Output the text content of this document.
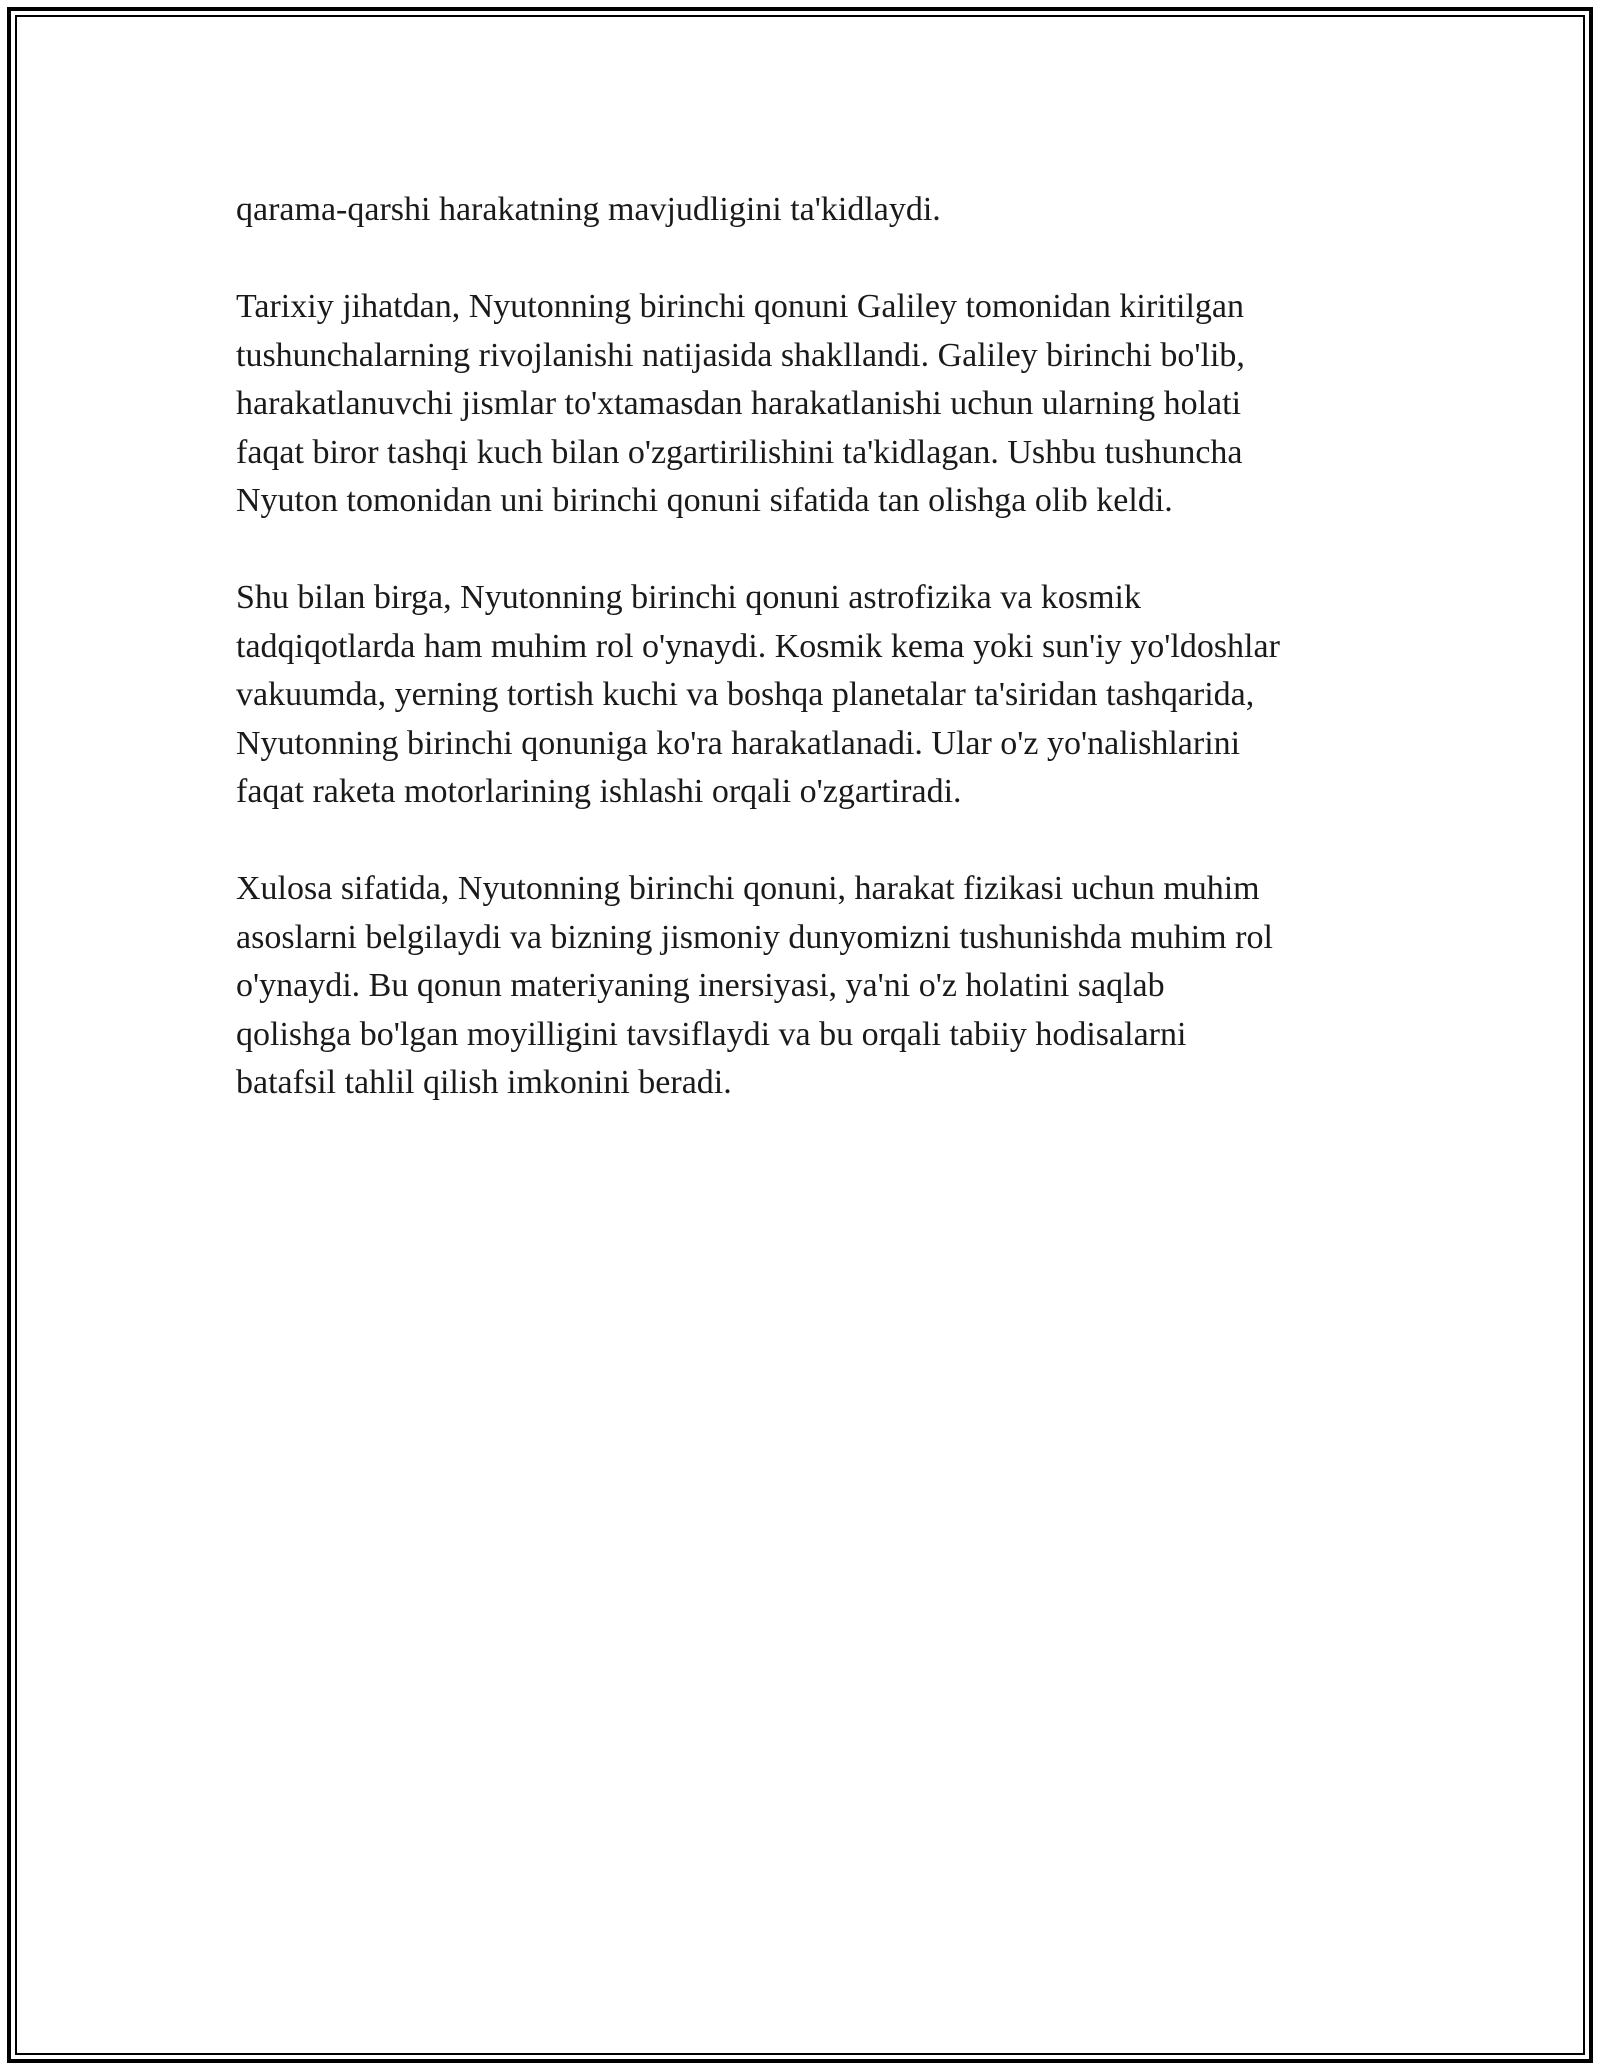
qarama-qarshi harakatning mavjudligini ta'kidlaydi.

Tarixiy jihatdan, Nyutonning birinchi qonuni Galiley tomonidan kiritilgan
tushunchalarning rivojlanishi natijasida shakllandi. Galiley birinchi bo'lib,
harakatlanuvchi jismlar to'xtamasdan harakatlanishi uchun ularning holati
faqat biror tashqi kuch bilan o'zgartirilishini ta'kidlagan. Ushbu tushuncha
Nyuton tomonidan uni birinchi qonuni sifatida tan olishga olib keldi.

Shu bilan birga, Nyutonning birinchi qonuni astrofizika va kosmik
tadqiqotlarda ham muhim rol o'ynaydi. Kosmik kema yoki sun'iy yo'ldoshlar
vakuumda, yerning tortish kuchi va boshqa planetalar ta'siridan tashqarida,
Nyutonning birinchi qonuniga ko'ra harakatlanadi. Ular o'z yo'nalishlarini
faqat raketa motorlarining ishlashi orqali o'zgartiradi.

Xulosa sifatida, Nyutonning birinchi qonuni, harakat fizikasi uchun muhim
asoslarni belgilaydi va bizning jismoniy dunyomizni tushunishda muhim rol
o'ynaydi. Bu qonun materiyaning inersiyasi, ya'ni o'z holatini saqlab
qolishga bo'lgan moyilligini tavsiflaydi va bu orqali tabiiy hodisalarni
batafsil tahlil qilish imkonini beradi.
